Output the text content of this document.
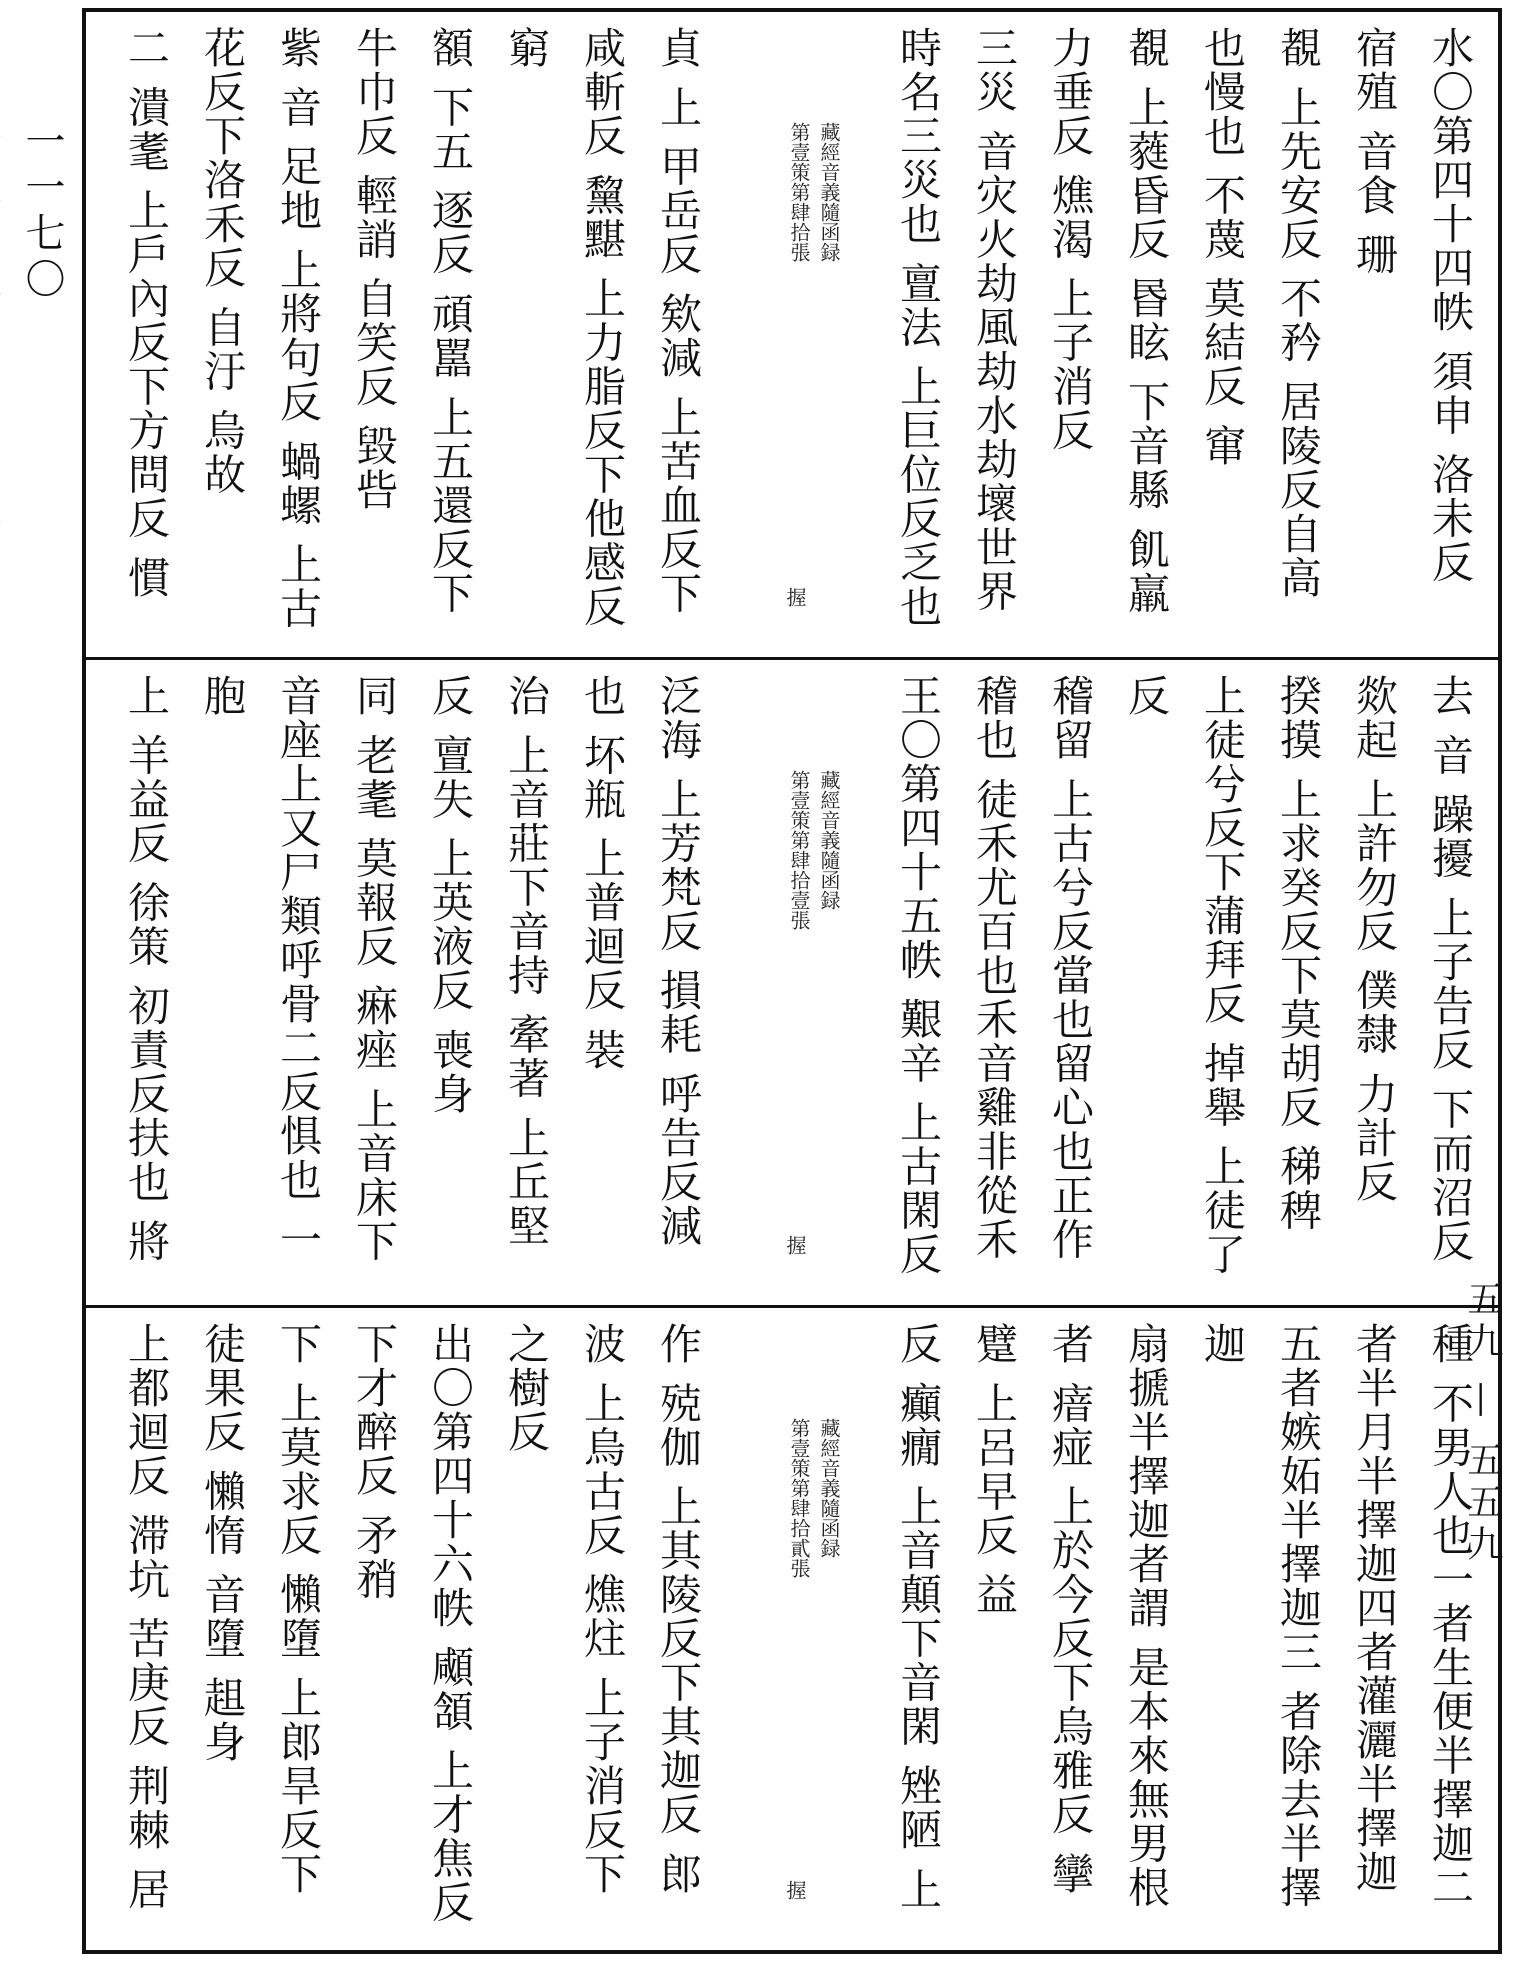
一一七〇	水〇第四十四帙 須申 洛未反 宿殖 音食 珊
覩 上先安反 不矜 居陵反自高也慢也 不蔑 莫結反 窜
覩 上蕤昏反 昬眩 下音縣 飢羸 力垂反 燋渴 上子消反
三災 音灾火劫風劫水劫壞世界時名三災也 亶法 上巨位反乏也
藏經音義隨函録
第壹策第肆拾張
握
貞 上 甲岳反 欸減 上苦血反下咸斬反 黧黮 上力脂反下他感反 窮
額 下五 逐反 頑嚚 上五還反下牛巾反 輕誚 自笑反 毀呰
紫 音 足地 上將句反 蝸螺 上古花反下洛禾反 自汙 烏故
二 潰耄 上戶內反下方問反 慣
去 音 躁擾 上子告反 下而沼反 欻起 上許勿反 僕隸 力計反
揆摸 上求癸反下莫胡反 稊稗 上徒兮反下蒲拜反 掉舉 上徒了反
稽留 上古兮反當也留心也正作稽也 徒禾尤百也禾音雞非從禾
王〇第四十五帙 艱辛 上古閑反
藏經音義隨函録
第壹策第肆拾壹張
握
泛海 上芳梵反 損耗 呼告反減也 坏瓶 上普迴反 裝
治 上音莊下音持 牽著 上丘堅反 亶失 上英液反 喪身
同 老耄 莫報反 痳痤 上音床下音座上又尸類呼骨二反惧也 一 胞
上 羊益反 徐策 初責反扶也 將
種 不男人也一者生便半擇迦二者半月半擇迦四者灌灑半擇迦五者嫉妬半擇迦三 者除去半擇迦
扇搋半擇迦者謂 是本來無男根者 瘖痖 上於今反下烏雅反 攣躄 上呂早反 益
反 癲癇 上音顛下音閑 矬陋 上
藏經音義隨函録
第壹策第肆拾貳張
握
作 殑伽 上其陵反下其迦反 郎波 上烏古反 燋炷 上子消反下之樹反
出〇第四十六帙 顑頷 上才焦反下才醉反 矛矟
下 上莫求反 懶墮 上郎旱反下徒果反 懶惰 音墮 趄身
上都迴反 滞坑 苦庚反 荆棘 居
五九 — 五五九
